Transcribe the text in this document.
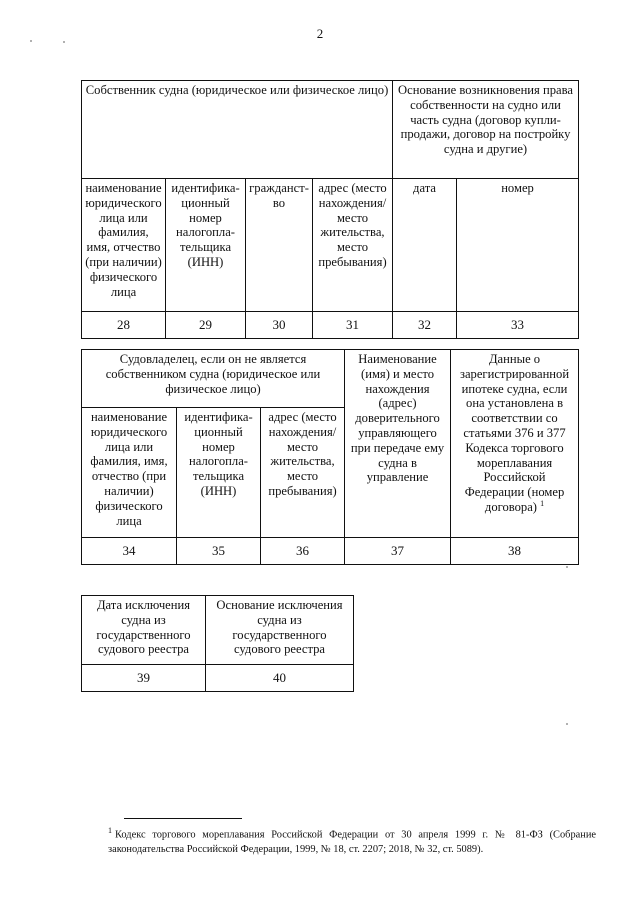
2
Собственник судна (юридическое или физическое лицо)				Основание возникновения права собственности на судно или часть судна (договор купли-продажи, договор на постройку судна и другие)	
наименование юридического лица или фамилия, имя, отчество (при наличии) физического лица	идентифика-ционный номер налогопла-тельщика (ИНН)	гражданст-во	адрес (место нахождения/ место жительства, место пребывания)	дата	номер
28	29	30	31	32	33
Судовладелец, если он не является собственником судна (юридическое или физическое лицо)			Наименование (имя) и место нахождения (адрес) доверительного управляющего при передаче ему судна в управление	Данные о зарегистрированной ипотеке судна, если она установлена в соответствии со статьями 376 и 377 Кодекса торгового мореплавания Российской Федерации (номер договора) $^1$
наименование юридического лица или фамилия, имя, отчество (при наличии) физического лица	идентифика-ционный номер налогопла-тельщика (ИНН)	адрес (место нахождения/ место жительства, место пребывания)		
34	35	36	37	38
Дата исключения судна из государственного судового реестра	Основание исключения судна из государственного судового реестра
39	40
$^1$ Кодекс торгового мореплавания Российской Федерации от 30 апреля 1999 г. № 81-ФЗ (Собрание законодательства Российской Федерации, 1999, № 18, ст. 2207; 2018, № 32, ст. 5089).
